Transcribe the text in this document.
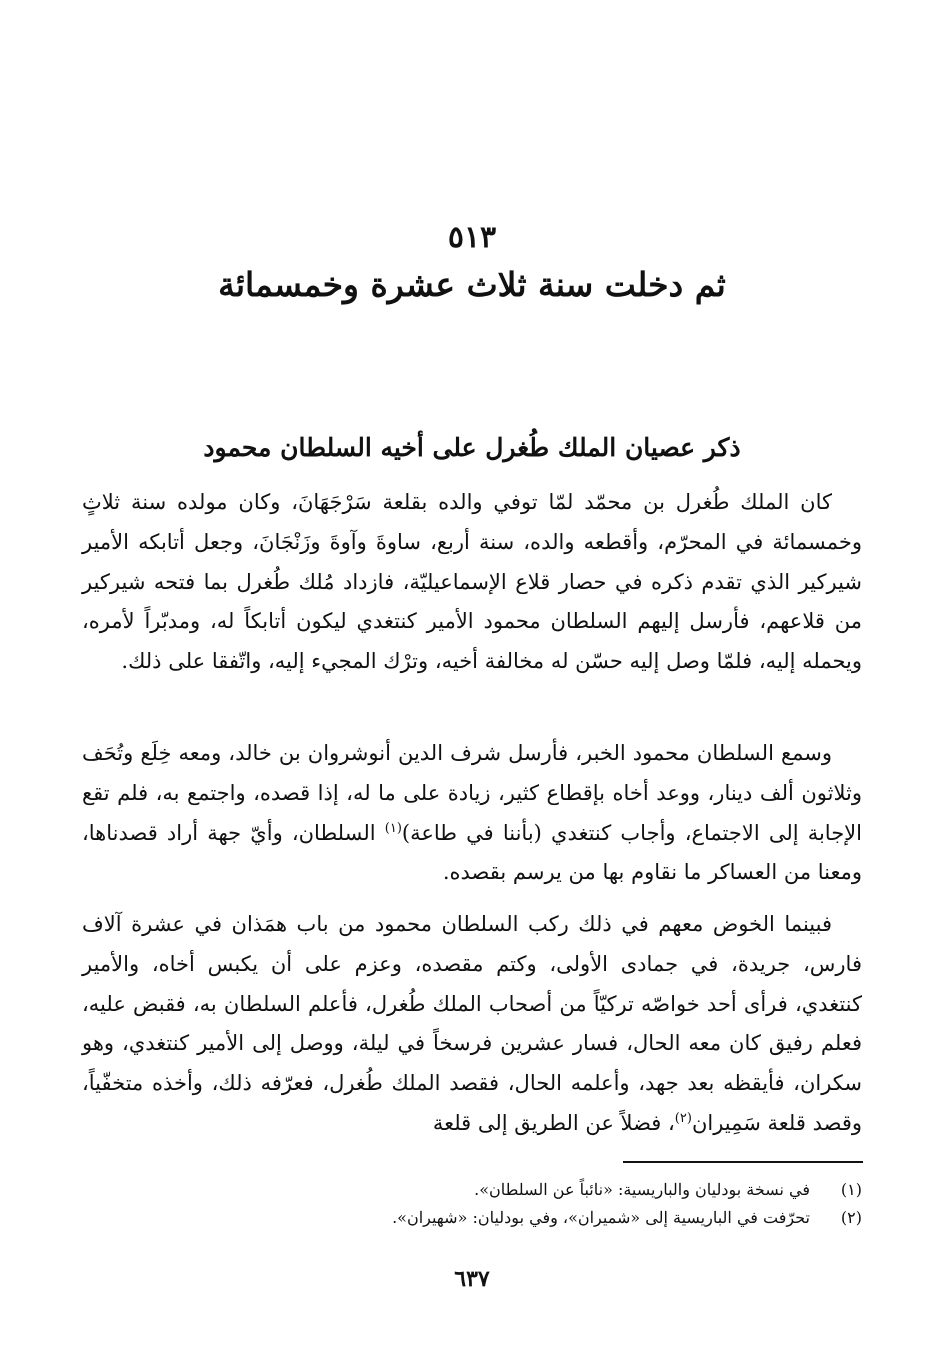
٥١٣
ثم دخلت سنة ثلاث عشرة وخمسمائة
ذكر عصيان الملك طُغرل على أخيه السلطان محمود

كان الملك طُغرل بن محمّد لمّا توفي والده بقلعة سَرْجَهَانَ، وكان مولده سنة ثلاثٍ وخمسمائة في المحرّم، وأقطعه والده، سنة أربع، ساوةَ وآوةَ وزَنْجَانَ، وجعل أتابكه الأمير شيركير الذي تقدم ذكره في حصار قلاع الإسماعيليّة، فازداد مُلك طُغرل بما فتحه شيركير من قلاعهم، فأرسل إليهم السلطان محمود الأمير كنتغدي ليكون أتابكاً له، ومدبّراً لأمره، ويحمله إليه، فلمّا وصل إليه حسّن له مخالفة أخيه، وترْك المجيء إليه، واتّفقا على ذلك.

وسمع السلطان محمود الخبر، فأرسل شرف الدين أنوشروان بن خالد، ومعه خِلَع وتُحَف وثلاثون ألف دينار، ووعد أخاه بإقطاع كثير، زيادة على ما له، إذا قصده، واجتمع به، فلم تقع الإجابة إلى الاجتماع، وأجاب كنتغدي (بأننا في طاعة)$^{(١)}$ السلطان، وأيّ جهة أراد قصدناها، ومعنا من العساكر ما نقاوم بها من يرسم بقصده.

فبينما الخوض معهم في ذلك ركب السلطان محمود من باب همَذان في عشرة آلاف فارس، جريدة، في جمادى الأولى، وكتم مقصده، وعزم على أن يكبس أخاه، والأمير كنتغدي، فرأى أحد خواصّه تركيّاً من أصحاب الملك طُغرل، فأعلم السلطان به، فقبض عليه، فعلم رفيق كان معه الحال، فسار عشرين فرسخاً في ليلة، ووصل إلى الأمير كنتغدي، وهو سكران، فأيقظه بعد جهد، وأعلمه الحال، فقصد الملك طُغرل، فعرّفه ذلك، وأخذه متخفّياً، وقصد قلعة سَمِيران$^{(٢)}$، فضلاً عن الطريق إلى قلعة

(١)في نسخة بودليان والباريسية: «نائباً عن السلطان».
(٢)تحرّفت في الباريسية إلى «شميران»، وفي بودليان: «شهيران».
٦٣٧
